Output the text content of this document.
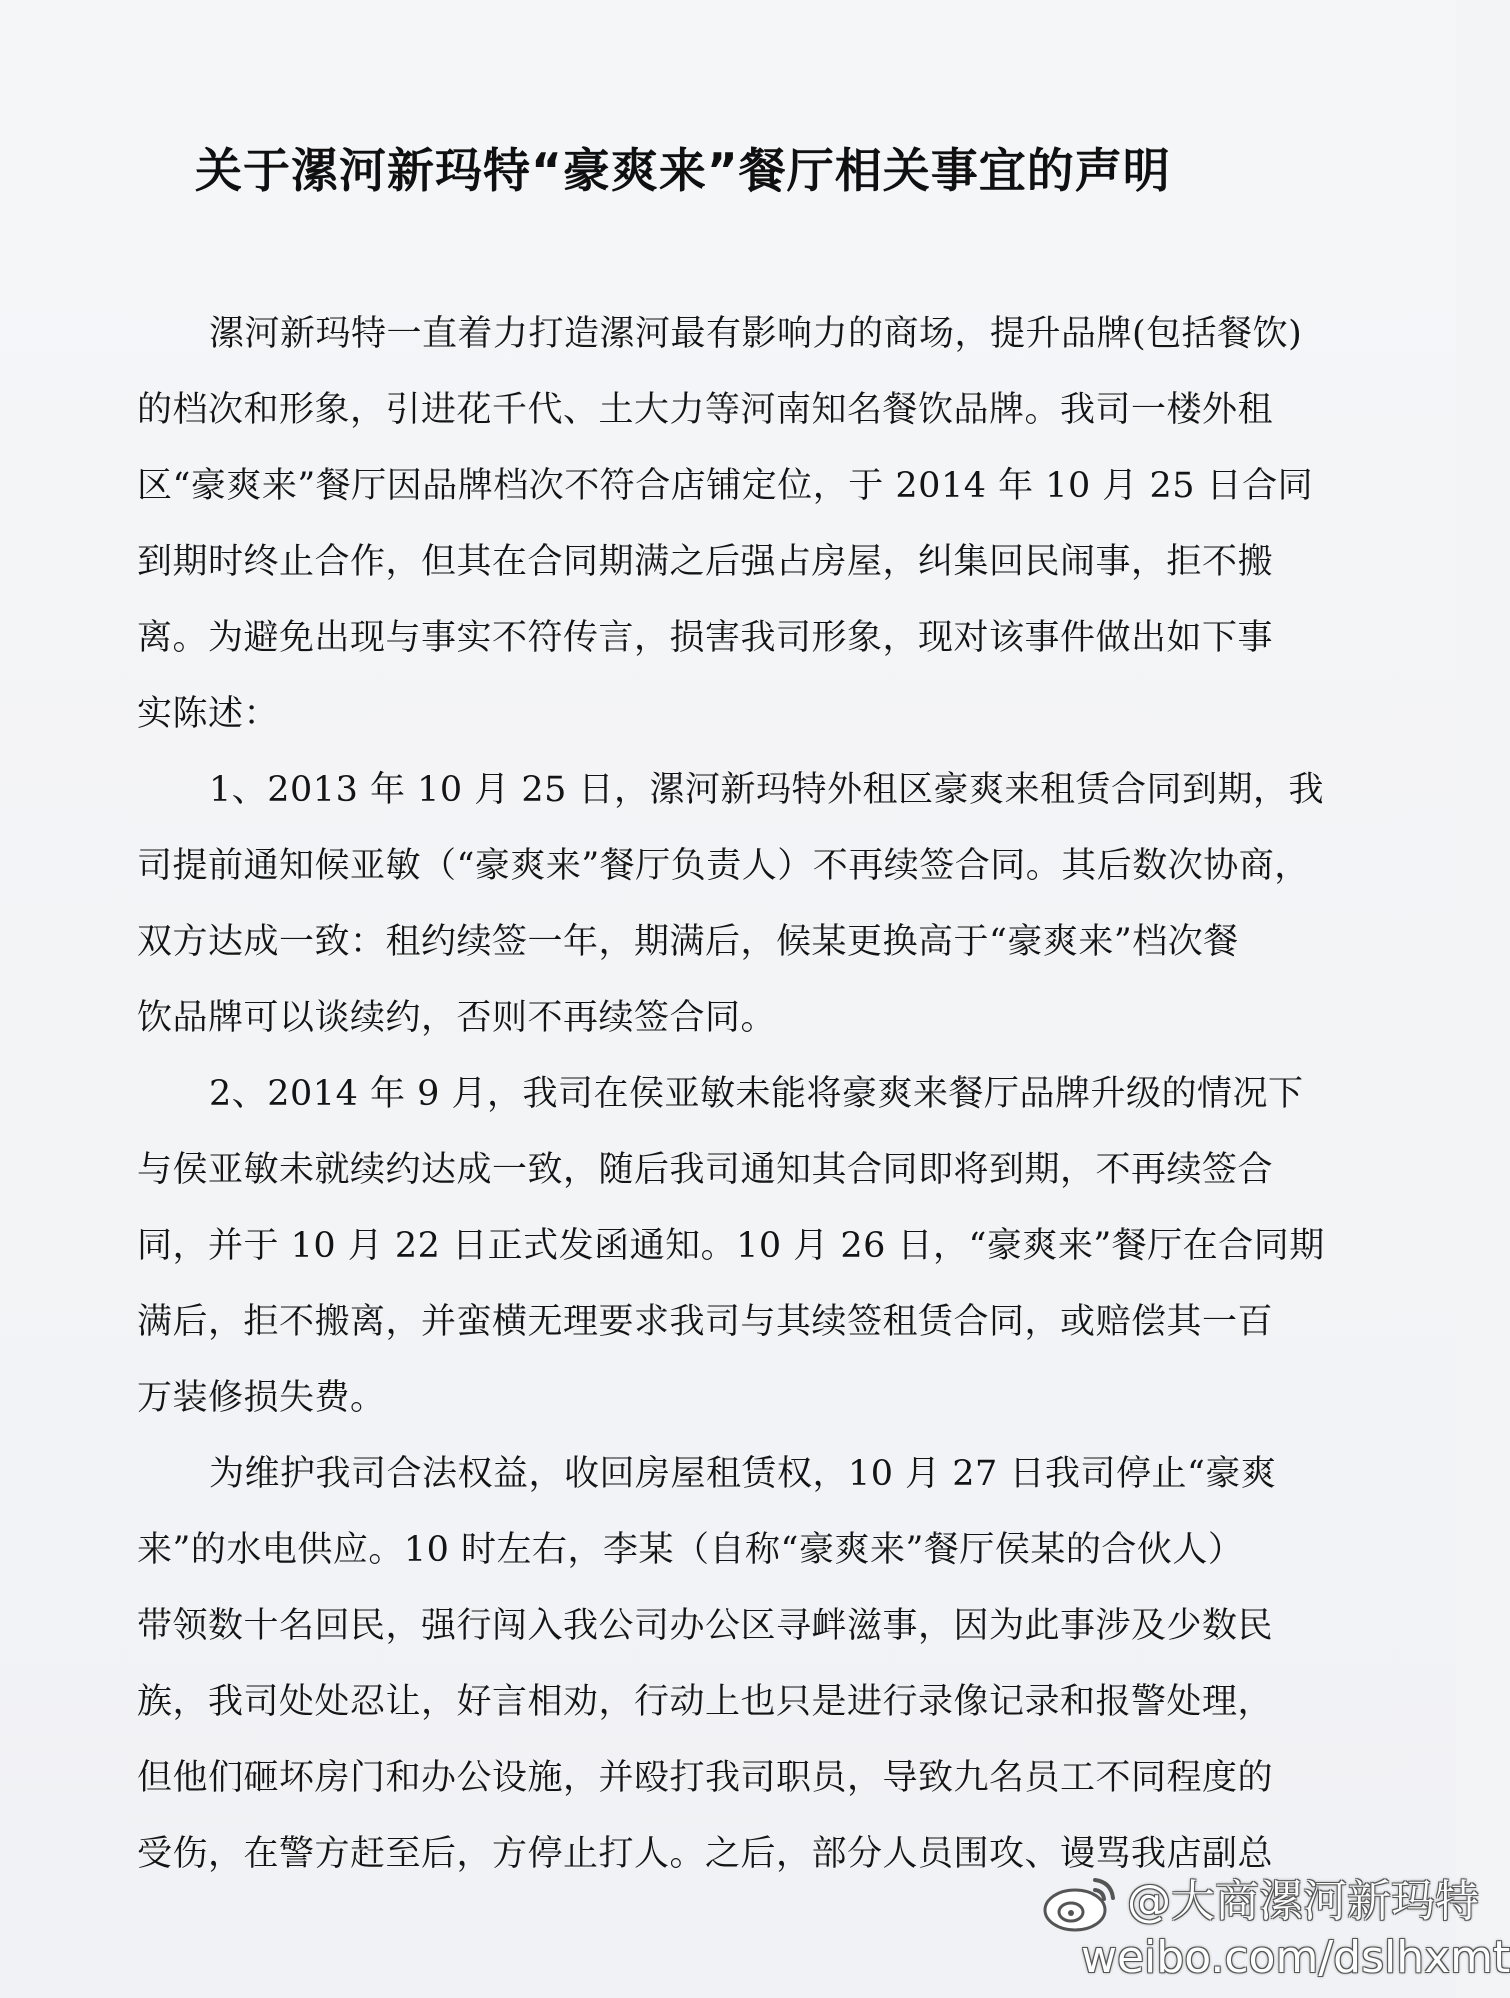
关于漯河新玛特“豪爽来”餐厅相关事宜的声明
漯河新玛特一直着力打造漯河最有影响力的商场，提升品牌(包括餐饮)
的档次和形象，引进花千代、土大力等河南知名餐饮品牌。我司一楼外租
区“豪爽来”餐厅因品牌档次不符合店铺定位，于 2014 年 10 月 25 日合同
到期时终止合作，但其在合同期满之后强占房屋，纠集回民闹事，拒不搬
离。为避免出现与事实不符传言，损害我司形象，现对该事件做出如下事
实陈述：
1、2013 年 10 月 25 日，漯河新玛特外租区豪爽来租赁合同到期，我
司提前通知候亚敏（“豪爽来”餐厅负责人）不再续签合同。其后数次协商，
双方达成一致：租约续签一年，期满后，候某更换高于“豪爽来”档次餐
饮品牌可以谈续约，否则不再续签合同。
2、2014 年 9 月，我司在侯亚敏未能将豪爽来餐厅品牌升级的情况下
与侯亚敏未就续约达成一致，随后我司通知其合同即将到期，不再续签合
同，并于 10 月 22 日正式发函通知。10 月 26 日，“豪爽来”餐厅在合同期
满后，拒不搬离，并蛮横无理要求我司与其续签租赁合同，或赔偿其一百
万装修损失费。
为维护我司合法权益，收回房屋租赁权，10 月 27 日我司停止“豪爽
来”的水电供应。10 时左右，李某（自称“豪爽来”餐厅侯某的合伙人）
带领数十名回民，强行闯入我公司办公区寻衅滋事，因为此事涉及少数民
族，我司处处忍让，好言相劝，行动上也只是进行录像记录和报警处理，
但他们砸坏房门和办公设施，并殴打我司职员，导致九名员工不同程度的
受伤，在警方赶至后，方停止打人。之后，部分人员围攻、谩骂我店副总
@大商漯河新玛特
weibo.com/dslhxmt
